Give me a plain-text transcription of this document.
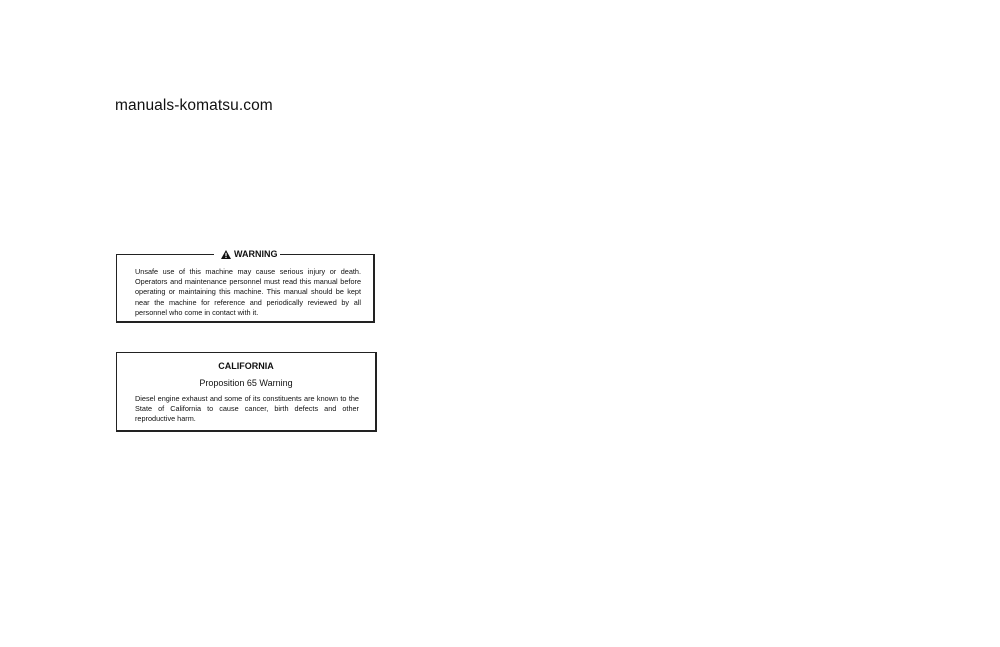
manuals-komatsu.com
WARNING
Unsafe use of this machine may cause serious injury or death. Operators and maintenance personnel must read this manual before operating or maintaining this machine. This manual should be kept near the machine for reference and periodically reviewed by all personnel who come in contact with it.
CALIFORNIA
Proposition 65 Warning
Diesel engine exhaust and some of its constituents are known to the State of California to cause cancer, birth defects and other reproductive harm.
